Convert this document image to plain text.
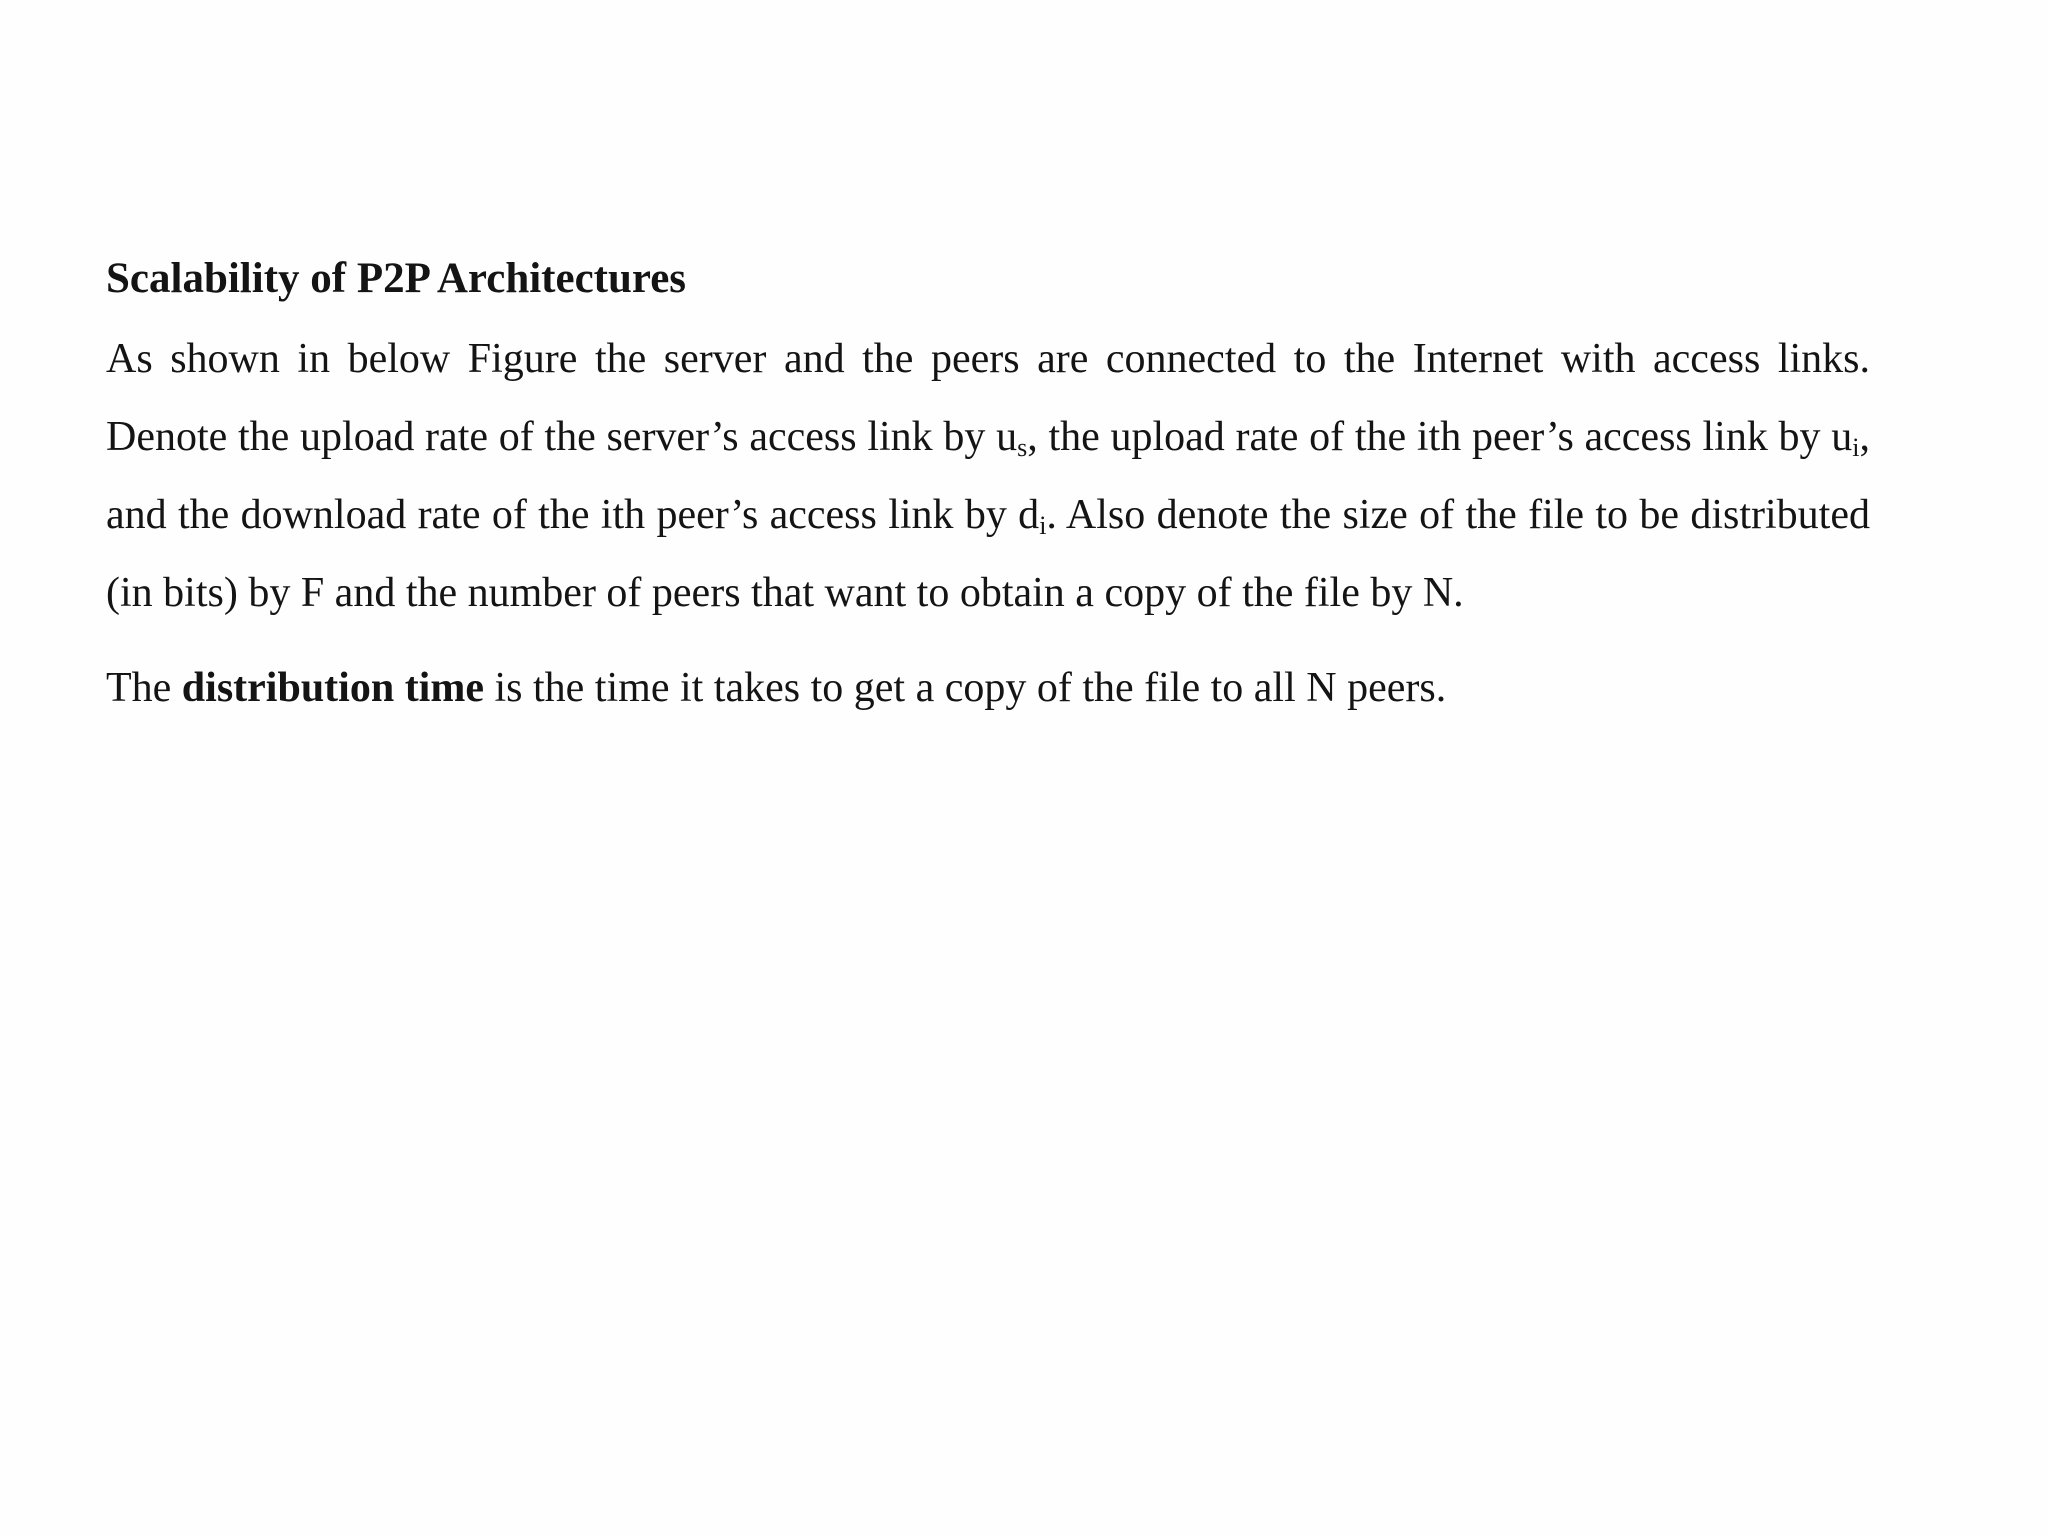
Scalability of P2P Architectures

As shown in below Figure the server and the peers are connected to the Internet with access links. Denote the upload rate of the server’s access link by $u_s$, the upload rate of the ith peer’s access link by $u_i$, and the download rate of the ith peer’s access link by $d_i$. Also denote the size of the file to be distributed (in bits) by F and the number of peers that want to obtain a copy of the file by N.

The distribution time is the time it takes to get a copy of the file to all N peers.
